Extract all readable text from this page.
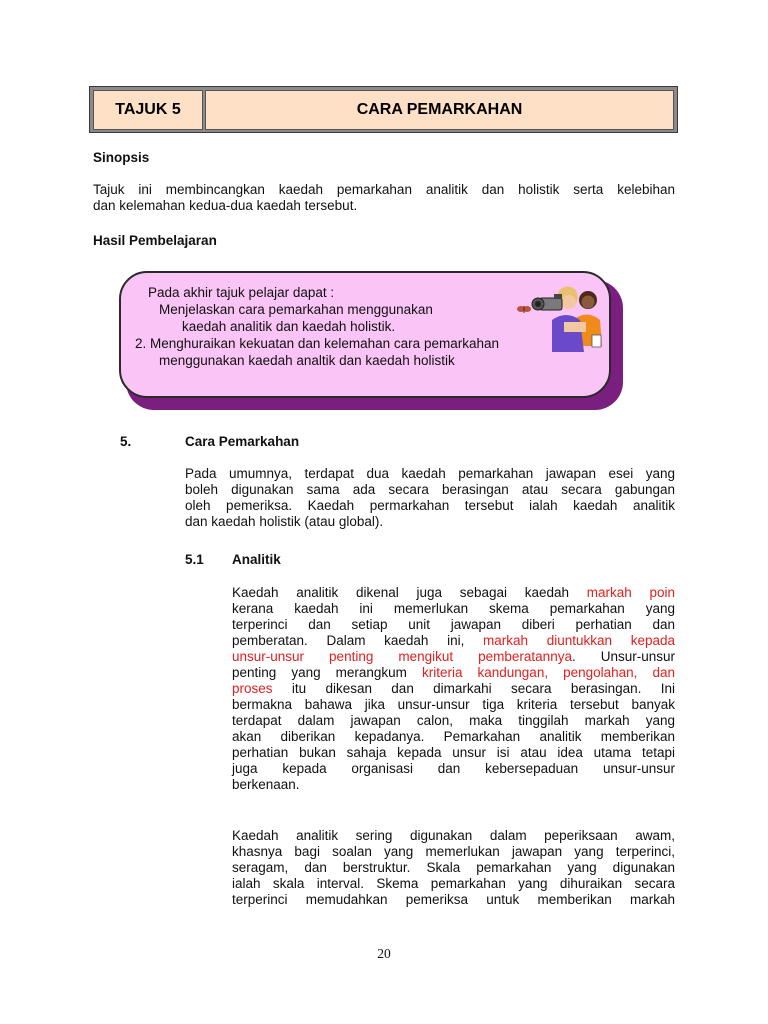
TAJUK 5	CARA PEMARKAHAN
Sinopsis
Tajuk ini membincangkan kaedah pemarkahan analitik dan holistik serta kelebihan
dan kelemahan kedua-dua kaedah tersebut.
Hasil Pembelajaran
Pada akhir tajuk pelajar dapat :
Menjelaskan cara pemarkahan menggunakan
kaedah analitik dan kaedah holistik.
2. Menghuraikan kekuatan dan kelemahan cara pemarkahan
menggunakan kaedah analtik dan kaedah holistik
5.	Cara Pemarkahan
Pada umumnya, terdapat dua kaedah pemarkahan jawapan esei yang
boleh digunakan sama ada secara berasingan atau secara gabungan
oleh pemeriksa. Kaedah permarkahan tersebut ialah kaedah analitik
dan kaedah holistik (atau global).
5.1 Analitik
Kaedah analitik dikenal juga sebagai kaedah markah poin
kerana kaedah ini memerlukan skema pemarkahan yang
terperinci dan setiap unit jawapan diberi perhatian dan
pemberatan. Dalam kaedah ini, markah diuntukkan kepada
unsur-unsur penting mengikut pemberatannya. Unsur-unsur
penting yang merangkum kriteria kandungan, pengolahan, dan
proses itu dikesan dan dimarkahi secara berasingan. Ini
bermakna bahawa jika unsur-unsur tiga kriteria tersebut banyak
terdapat dalam jawapan calon, maka tinggilah markah yang
akan diberikan kepadanya. Pemarkahan analitik memberikan
perhatian bukan sahaja kepada unsur isi atau idea utama tetapi
juga kepada organisasi dan kebersepaduan unsur-unsur
berkenaan.
Kaedah analitik sering digunakan dalam peperiksaan awam,
khasnya bagi soalan yang memerlukan jawapan yang terperinci,
seragam, dan berstruktur. Skala pemarkahan yang digunakan
ialah skala interval. Skema pemarkahan yang dihuraikan secara
terperinci memudahkan pemeriksa untuk memberikan markah
20
